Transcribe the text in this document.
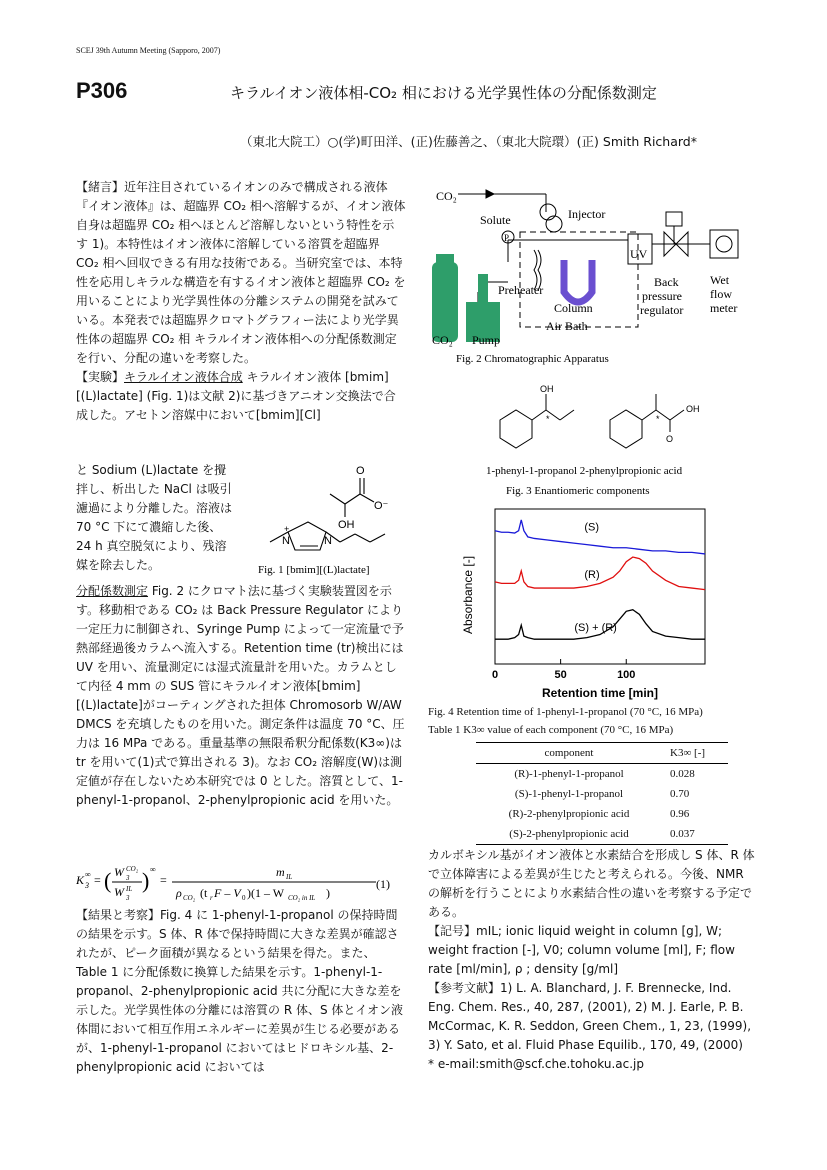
SCEJ 39th Autumn Meeting (Sapporo, 2007)
P306	キラルイオン液体相-CO₂ 相における光学異性体の分配係数測定
（東北大院工）○(学)町田洋、(正)佐藤善之、（東北大院環）(正) Smith Richard*

【緒言】近年注目されているイオンのみで構成される液体『イオン液体』は、超臨界 CO₂ 相へ溶解するが、イオン液体自身は超臨界 CO₂ 相へほとんど溶解しないという特性を示す 1)。本特性はイオン液体に溶解している溶質を超臨界 CO₂ 相へ回収できる有用な技術である。当研究室では、本特性を応用しキラルな構造を有するイオン液体と超臨界 CO₂ を用いることにより光学異性体の分離システムの開発を試みている。本発表では超臨界クロマトグラフィー法により光学異性体の超臨界 CO₂ 相 キラルイオン液体相への分配係数測定を行い、分配の違いを考察した。

【実験】キラルイオン液体合成 キラルイオン液体 [bmim][(L)lactate] (Fig. 1)は文献 2)に基づきアニオン交換法で合成した。アセトン溶媒中において[bmim][Cl]

と Sodium (L)lactate を攪拌し、析出した NaCl は吸引濾過により分離した。溶液は 70 °C 下にて濃縮した後、24 h 真空脱気により、残溶媒を除去した。

O
O⁻
OH
N	N
+
Fig. 1 [bmim][(L)lactate]

分配係数測定 Fig. 2 にクロマト法に基づく実験装置図を示す。移動相である CO₂ は Back Pressure Regulator により一定圧力に制御され、Syringe Pump によって一定流量で予熱部経過後カラムへ流入する。Retention time (tr)検出には UV を用い、流量測定には湿式流量計を用いた。カラムとして内径 4 mm の SUS 管にキラルイオン液体[bmim][(L)lactate]がコーティングされた担体 Chromosorb W/AW DMCS を充填したものを用いた。測定条件は温度 70 °C、圧力は 16 MPa である。重量基準の無限希釈分配係数(K3∞)は tr を用いて(1)式で算出される 3)。なお CO₂ 溶解度(W)は測定値が存在しないため本研究では 0 とした。溶質として、1-phenyl-1-propanol、2-phenylpropionic acid を用いた。

K 3
∞ = ( W 3
CO₂
W 3
IL ) ∞
=
m IL
ρ CO₂ (t r F – V 0 )(1 – W CO₂ in IL )
(1)

【結果と考察】Fig. 4 に 1-phenyl-1-propanol の保持時間の結果を示す。S 体、R 体で保持時間に大きな差異が確認されたが、ピーク面積が異なるという結果を得た。また、Table 1 に分配係数に換算した結果を示す。1-phenyl-1-propanol、2-phenylpropionic acid 共に分配に大きな差を示した。光学異性体の分離には溶質の R 体、S 体とイオン液体間において相互作用エネルギーに差異が生じる必要があるが、1-phenyl-1-propanol においてはヒドロキシル基、2-phenylpropionic acid においては

CO₂
Solute	Injector
P
UV
Preheater
Column
Air Bath
CO₂ Pump
Back
pressure
regulator
Wet
flow
meter
Fig. 2 Chromatographic Apparatus
OH
*	*
OH
O
1-phenyl-1-propanol 2-phenylpropionic acid
Fig. 3 Enantiomeric components
0	50	100
(S)
(R)
(S) + (R)
Absorbance [-]
Retention time [min]
Fig. 4 Retention time of 1-phenyl-1-propanol (70 °C, 16 MPa)
Table 1 K3∞ value of each component (70 °C, 16 MPa)
component	K3∞ [-]
(R)-1-phenyl-1-propanol	0.028
(S)-1-phenyl-1-propanol	0.70
(R)-2-phenylpropionic acid	0.96
(S)-2-phenylpropionic acid	0.037

カルボキシル基がイオン液体と水素結合を形成し S 体、R 体で立体障害による差異が生じたと考えられる。今後、NMR の解析を行うことにより水素結合性の違いを考察する予定である。

【記号】mIL; ionic liquid weight in column [g], W; weight fraction [-], V0; column volume [ml], F; flow rate [ml/min], ρ ; density [g/ml]

【参考文献】1) L. A. Blanchard, J. F. Brennecke, Ind. Eng. Chem. Res., 40, 287, (2001), 2) M. J. Earle, P. B. McCormac, K. R. Seddon, Green Chem., 1, 23, (1999), 3) Y. Sato, et al. Fluid Phase Equilib., 170, 49, (2000)

* e-mail:smith@scf.che.tohoku.ac.jp
